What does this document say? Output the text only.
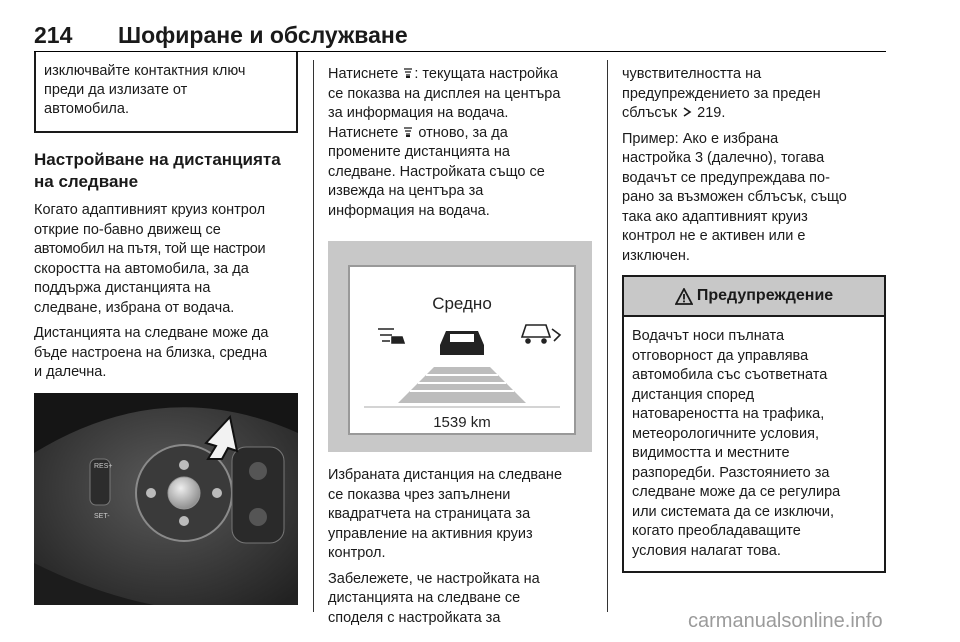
214 Шофиране и обслужване
изключвайте контактния ключ
преди да излизате от
автомобила.
Настройване на дистанцията
на следване

Когато адаптивният круиз контрол
открие по-бавно движещ се
автомобил на пътя, той ще настрои
скоростта на автомобила, за да
поддържа дистанцията на
следване, избрана от водача.

Дистанцията на следване може да
бъде настроена на близка, средна
и далечна.

RES+
SET-

Натиснете : текущата настройка
се показва на дисплея на центъра
за информация на водача.
Натиснете  отново, за да
промените дистанцията на
следване. Настройката също се
извежда на центъра за
информация на водача.

Средно
1539 km

Избраната дистанция на следване
се показва чрез запълнени
квадратчета на страницата за
управление на активния круиз
контрол.

Забележете, че настройката на
дистанцията на следване се
споделя с настройката за

чувствителността на
предупреждението за преден
сблъсък  219.

Пример: Ако е избрана
настройка 3 (далечно), тогава
водачът се предупреждава по-
рано за възможен сблъсък, също
така ако адаптивният круиз
контрол не е активен или е
изключен.

Предупреждение
Водачът носи пълната
отговорност да управлява
автомобила със съответната
дистанция според
натовареността на трафика,
метеорологичните условия,
видимостта и местните
разпоредби. Разстоянието за
следване може да се регулира
или системата да се изключи,
когато преобладаващите
условия налагат това.
carmanualsonline.info
